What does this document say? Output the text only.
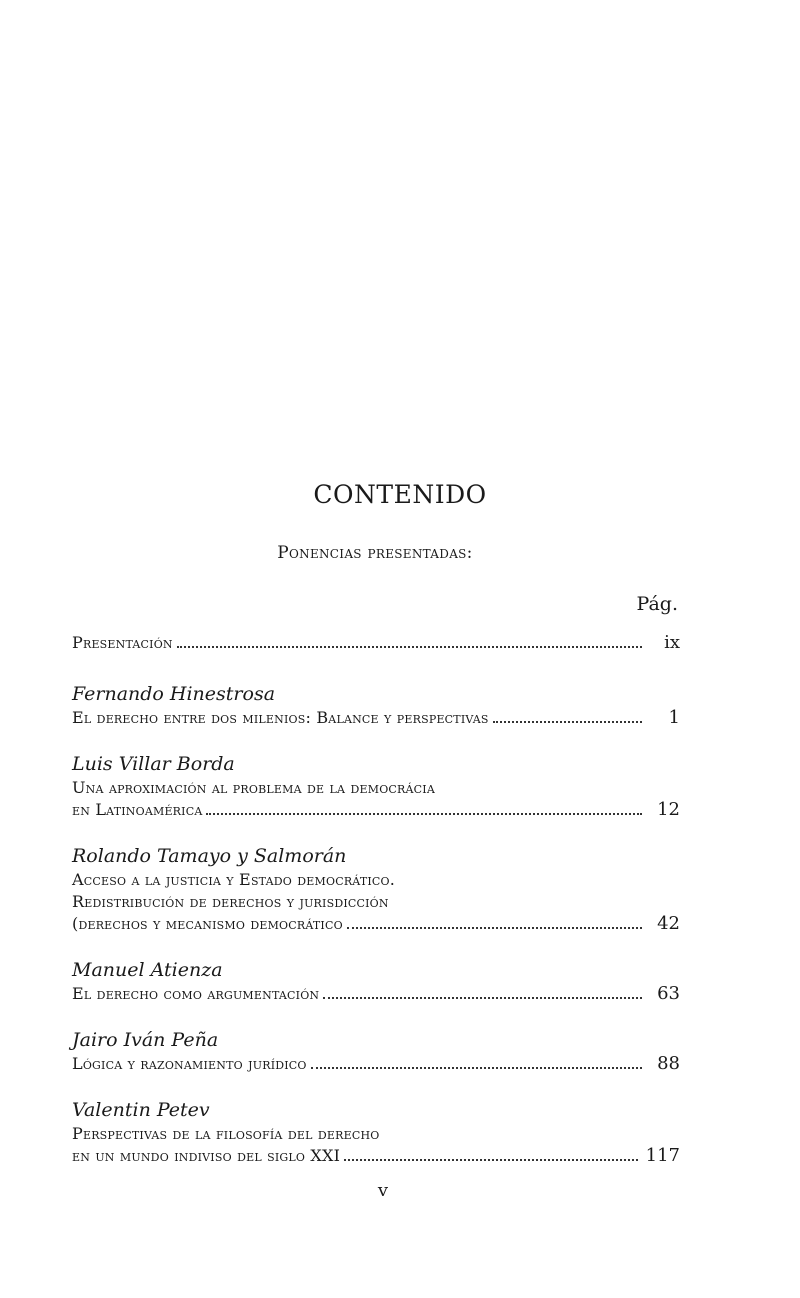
CONTENIDO
Ponencias presentadas:
Pág.
Presentación	ix
Fernando Hinestrosa
El derecho entre dos milenios: Balance y perspectivas	1
Luis Villar Borda
Una aproximación al problema de la democrácia
en Latinoamérica	12
Rolando Tamayo y Salmorán
Acceso a la justicia y Estado democrático.
Redistribución de derechos y jurisdicción
(derechos y mecanismo democrático	42
Manuel Atienza
El derecho como argumentación	63
Jairo Iván Peña
Lógica y razonamiento jurídico	88
Valentin Petev
Perspectivas de la filosofía del derecho
en un mundo indiviso del siglo XXI	117
v
